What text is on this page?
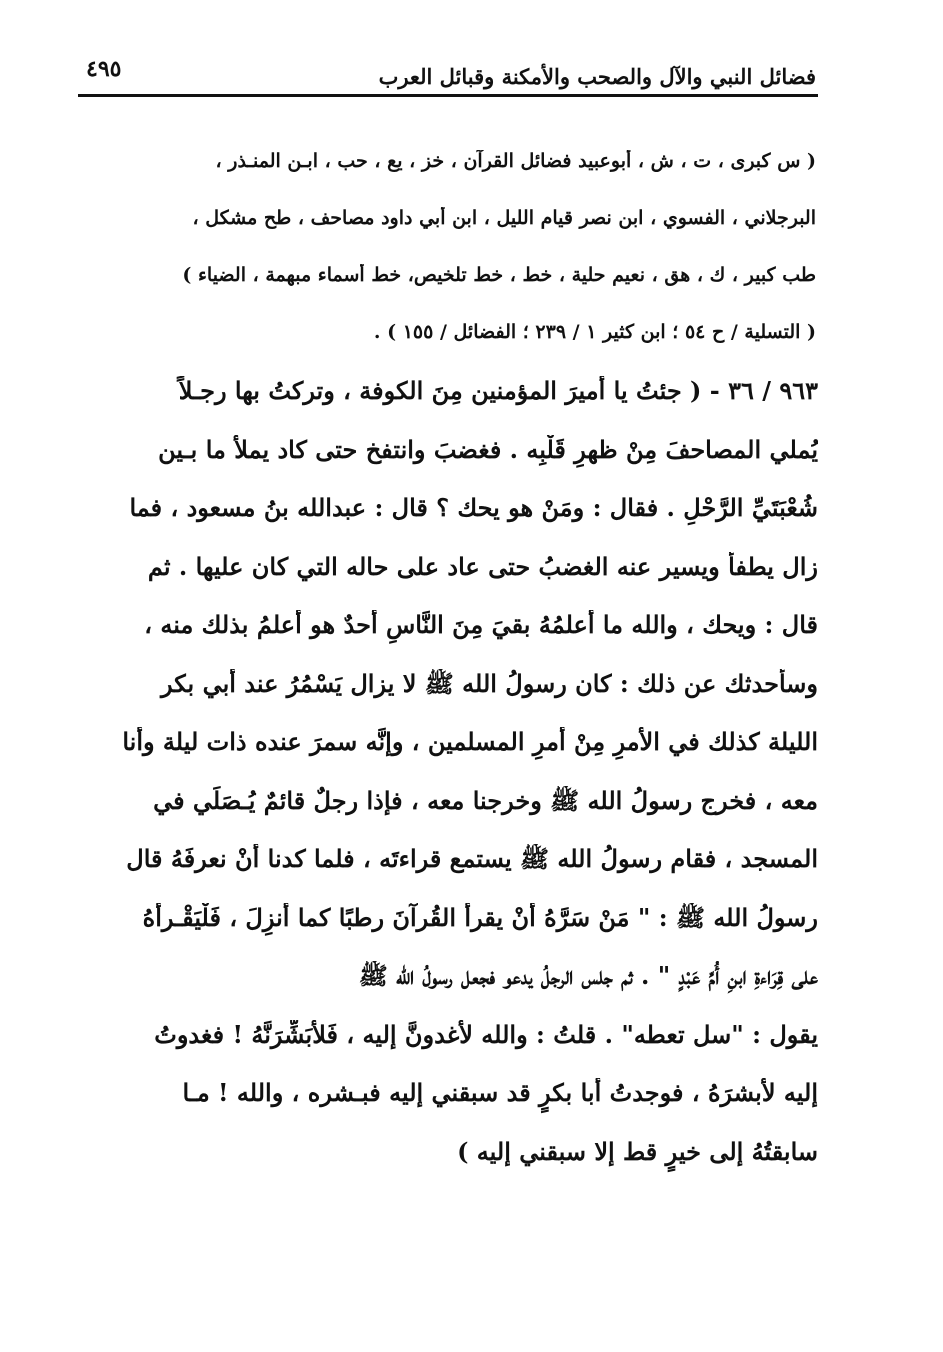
فضائل النبي والآل والصحب والأمكنة وقبائل العرب
٤٩٥
( س كبرى ، ت ، ش ، أبوعبيد فضائل القرآن ، خز ، يع ، حب ، ابـن المنـذر ،
البرجلاني ، الفسوي ، ابن نصر قيام الليل ، ابن أبي داود مصاحف ، طح مشكل ،
طب كبير ، ك ، هق ، نعيم حلية ، خط ، خط تلخيص، خط أسماء مبهمة ، الضياء )
( التسلية / ح ٥٤ ؛ ابن كثير ١ / ٢٣٩ ؛ الفضائل / ١٥٥ ) .
٩٦٣ / ٣٦ - ( جئتُ يا أميرَ المؤمنين مِنَ الكوفة ، وتركتُ بها رجـلاً
يُملي المصاحفَ مِنْ ظهرِ قَلْبِه . فغضبَ وانتفخ حتى كاد يملأ ما بـين
شُعْبَتَيِّ الرَّحْلِ . فقال : ومَنْ هو يحك ؟ قال : عبدالله بنُ مسعود ، فما
زال يطفأ ويسير عنه الغضبُ حتى عاد على حاله التي كان عليها . ثم
قال : ويحك ، والله ما أعلمُهُ بقيَ مِنَ النَّاسِ أحدٌ هو أعلمُ بذلك منه ،
وسأحدثك عن ذلك : كان رسولُ الله ﷺ لا يزال يَسْمُرُ عند أبي بكر
الليلة كذلك في الأمرِ مِنْ أمرِ المسلمين ، وإنَّه سمرَ عنده ذات ليلة وأنا
معه ، فخرج رسولُ الله ﷺ وخرجنا معه ، فإذا رجلٌ قائمٌ يُـصَلِّي في
المسجد ، فقام رسولُ الله ﷺ يستمع قراءتَه ، فلما كدنا أنْ نعرفَهُ قال
رسولُ الله ﷺ : " مَنْ سَرَّهُ أنْ يقرأَ القُرآنَ رطبًا كما أُنزِلَ ، فَلْيَقْـرأْهُ
على قِرَاءةِ ابنِ أُمِّ عَبْدٍ " . ثم جلس الرجلُ يدعو فجعل رسولُ الله ﷺ
يقول : "سل تعطه" . قلتُ : والله لأغدونَّ إليه ، فَلأُبَشِّرَنَّهُ ! فغدوتُ
إليه لأبشرَهُ ، فوجدتُ أبا بكرٍ قد سبقني إليه فبـشره ، والله ! مـا
سابقتُهُ إلى خيرٍ قط إلا سبقني إليه )
